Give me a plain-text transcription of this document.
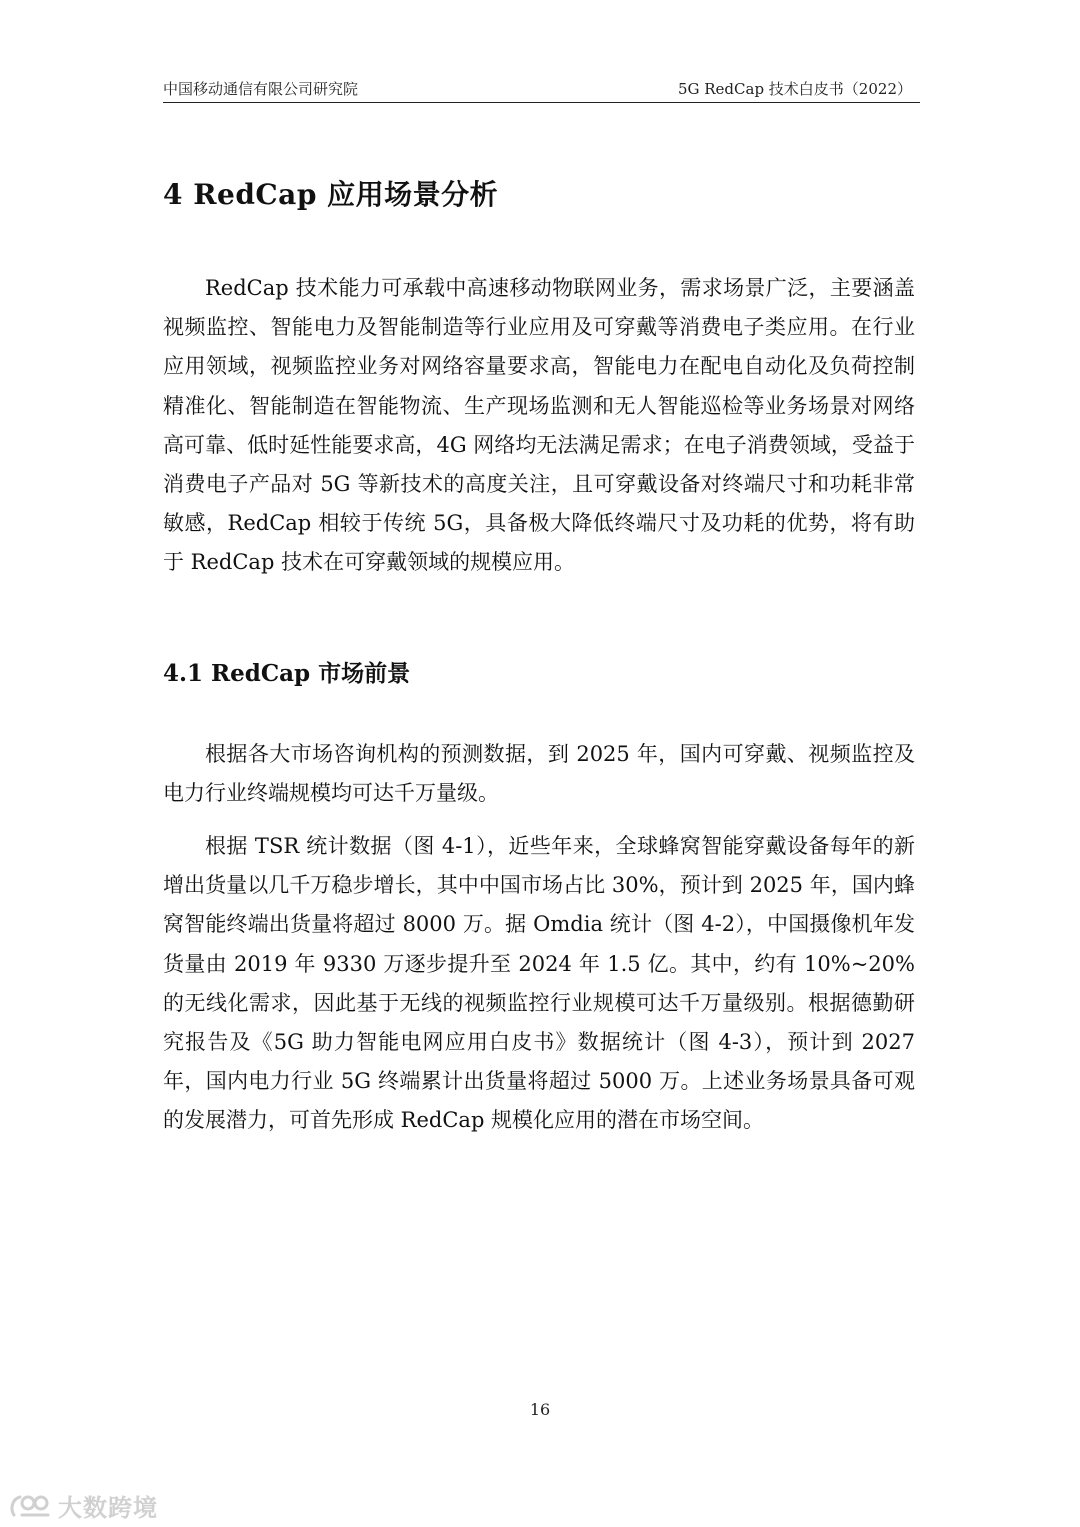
中国移动通信有限公司研究院	5G RedCap 技术白皮书（2022）
4 RedCap 应用场景分析

RedCap 技术能力可承载中高速移动物联网业务，需求场景广泛，主要涵盖视频监控、智能电力及智能制造等行业应用及可穿戴等消费电子类应用。在行业应用领域，视频监控业务对网络容量要求高，智能电力在配电自动化及负荷控制精准化、智能制造在智能物流、生产现场监测和无人智能巡检等业务场景对网络高可靠、低时延性能要求高，4G 网络均无法满足需求；在电子消费领域，受益于消费电子产品对 5G 等新技术的高度关注，且可穿戴设备对终端尺寸和功耗非常敏感，RedCap 相较于传统 5G，具备极大降低终端尺寸及功耗的优势，将有助于 RedCap 技术在可穿戴领域的规模应用。

4.1 RedCap 市场前景

根据各大市场咨询机构的预测数据，到 2025 年，国内可穿戴、视频监控及电力行业终端规模均可达千万量级。

根据 TSR 统计数据（图 4-1），近些年来，全球蜂窝智能穿戴设备每年的新增出货量以几千万稳步增长，其中中国市场占比 30%，预计到 2025 年，国内蜂窝智能终端出货量将超过 8000 万。据 Omdia 统计（图 4-2），中国摄像机年发货量由 2019 年 9330 万逐步提升至 2024 年 1.5 亿。其中，约有 10%~20%的无线化需求，因此基于无线的视频监控行业规模可达千万量级别。根据德勤研究报告及《5G 助力智能电网应用白皮书》数据统计（图 4-3），预计到 2027 年，国内电力行业 5G 终端累计出货量将超过 5000 万。上述业务场景具备可观的发展潜力，可首先形成 RedCap 规模化应用的潜在市场空间。

16
大数跨境
